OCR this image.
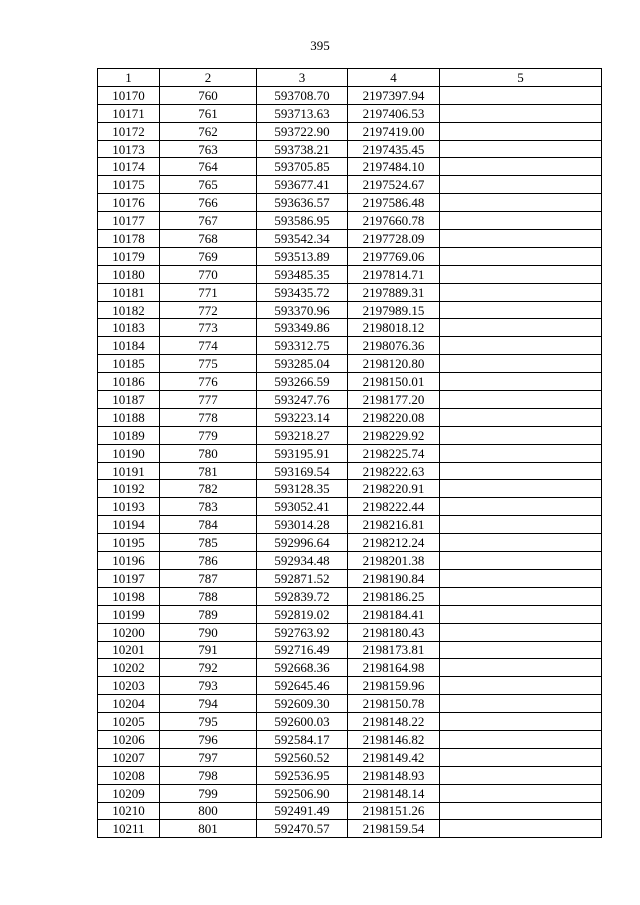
395
1	2	3	4	5
10170	760	593708.70	2197397.94	
10171	761	593713.63	2197406.53	
10172	762	593722.90	2197419.00	
10173	763	593738.21	2197435.45	
10174	764	593705.85	2197484.10	
10175	765	593677.41	2197524.67	
10176	766	593636.57	2197586.48	
10177	767	593586.95	2197660.78	
10178	768	593542.34	2197728.09	
10179	769	593513.89	2197769.06	
10180	770	593485.35	2197814.71	
10181	771	593435.72	2197889.31	
10182	772	593370.96	2197989.15	
10183	773	593349.86	2198018.12	
10184	774	593312.75	2198076.36	
10185	775	593285.04	2198120.80	
10186	776	593266.59	2198150.01	
10187	777	593247.76	2198177.20	
10188	778	593223.14	2198220.08	
10189	779	593218.27	2198229.92	
10190	780	593195.91	2198225.74	
10191	781	593169.54	2198222.63	
10192	782	593128.35	2198220.91	
10193	783	593052.41	2198222.44	
10194	784	593014.28	2198216.81	
10195	785	592996.64	2198212.24	
10196	786	592934.48	2198201.38	
10197	787	592871.52	2198190.84	
10198	788	592839.72	2198186.25	
10199	789	592819.02	2198184.41	
10200	790	592763.92	2198180.43	
10201	791	592716.49	2198173.81	
10202	792	592668.36	2198164.98	
10203	793	592645.46	2198159.96	
10204	794	592609.30	2198150.78	
10205	795	592600.03	2198148.22	
10206	796	592584.17	2198146.82	
10207	797	592560.52	2198149.42	
10208	798	592536.95	2198148.93	
10209	799	592506.90	2198148.14	
10210	800	592491.49	2198151.26	
10211	801	592470.57	2198159.54	
